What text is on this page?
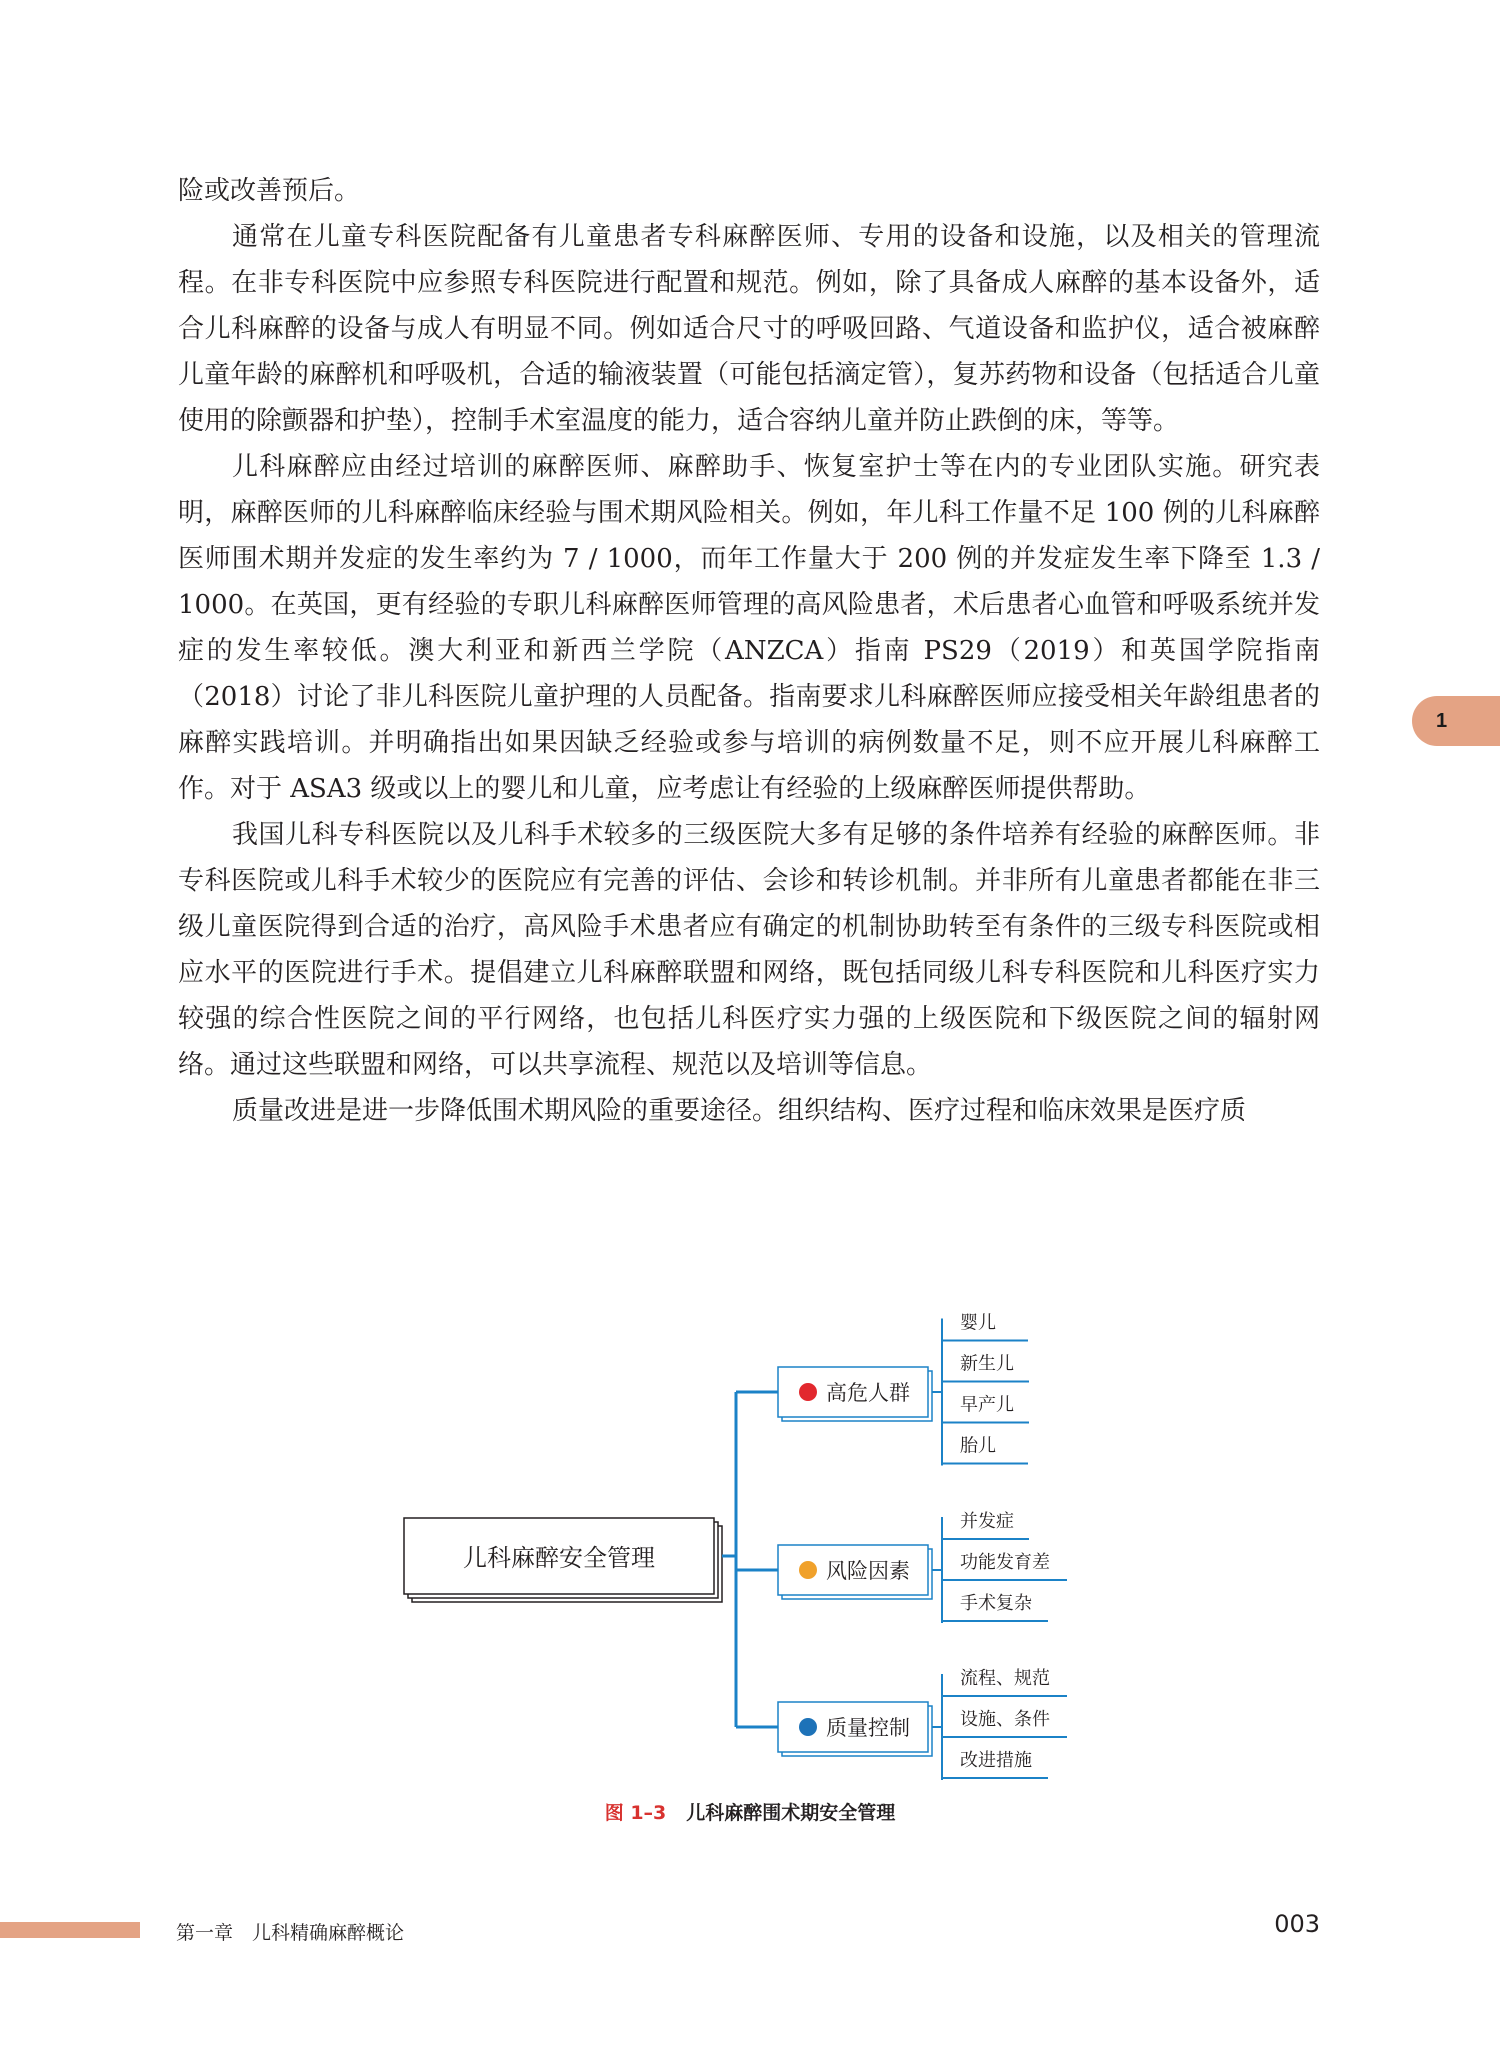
险或改善预后。

通常在儿童专科医院配备有儿童患者专科麻醉医师、专用的设备和设施，以及相关的管理流程。在非专科医院中应参照专科医院进行配置和规范。例如，除了具备成人麻醉的基本设备外，适合儿科麻醉的设备与成人有明显不同。例如适合尺寸的呼吸回路、气道设备和监护仪，适合被麻醉儿童年龄的麻醉机和呼吸机，合适的输液装置（可能包括滴定管），复苏药物和设备（包括适合儿童使用的除颤器和护垫），控制手术室温度的能力，适合容纳儿童并防止跌倒的床，等等。

儿科麻醉应由经过培训的麻醉医师、麻醉助手、恢复室护士等在内的专业团队实施。研究表明，麻醉医师的儿科麻醉临床经验与围术期风险相关。例如，年儿科工作量不足 100 例的儿科麻醉医师围术期并发症的发生率约为 7 / 1000，而年工作量大于 200 例的并发症发生率下降至 1.3 / 1000。在英国，更有经验的专职儿科麻醉医师管理的高风险患者，术后患者心血管和呼吸系统并发症的发生率较低。澳大利亚和新西兰学院（ANZCA）指南 PS29（2019）和英国学院指南（2018）讨论了非儿科医院儿童护理的人员配备。指南要求儿科麻醉医师应接受相关年龄组患者的麻醉实践培训。并明确指出如果因缺乏经验或参与培训的病例数量不足，则不应开展儿科麻醉工作。对于 ASA3 级或以上的婴儿和儿童，应考虑让有经验的上级麻醉医师提供帮助。

我国儿科专科医院以及儿科手术较多的三级医院大多有足够的条件培养有经验的麻醉医师。非专科医院或儿科手术较少的医院应有完善的评估、会诊和转诊机制。并非所有儿童患者都能在非三级儿童医院得到合适的治疗，高风险手术患者应有确定的机制协助转至有条件的三级专科医院或相应水平的医院进行手术。提倡建立儿科麻醉联盟和网络，既包括同级儿科专科医院和儿科医疗实力较强的综合性医院之间的平行网络，也包括儿科医疗实力强的上级医院和下级医院之间的辐射网络。通过这些联盟和网络，可以共享流程、规范以及培训等信息。

质量改进是进一步降低围术期风险的重要途径。组织结构、医疗过程和临床效果是医疗质

1
儿科麻醉安全管理
高危人群
婴儿
新生儿
早产儿
胎儿
风险因素
并发症
功能发育差
手术复杂
质量控制
流程、规范
设施、条件
改进措施
图 1–3 儿科麻醉围术期安全管理
第一章　儿科精确麻醉概论	003
